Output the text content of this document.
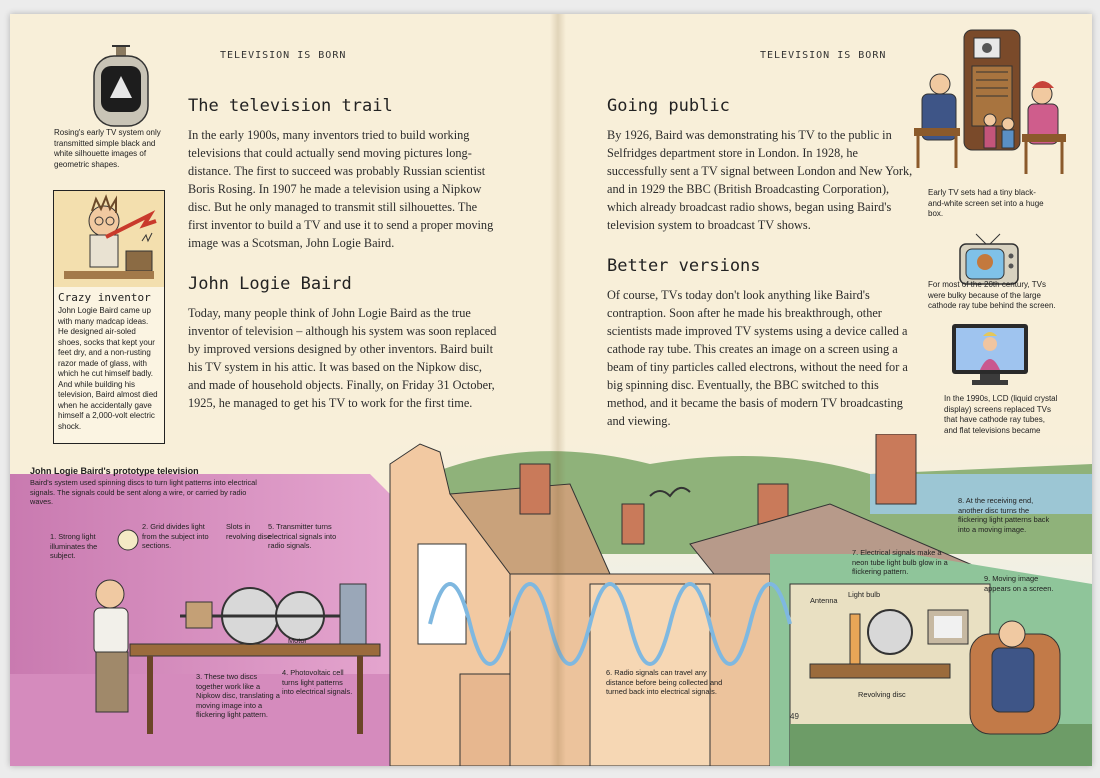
TELEVISION IS BORN
Rosing's early TV system only transmitted simple black and white silhouette images of geometric shapes.
Crazy inventor
John Logie Baird came up with many madcap ideas. He designed air-soled shoes, socks that kept your feet dry, and a non-rusting razor made of glass, with which he cut himself badly. And while building his television, Baird almost died when he accidentally gave himself a 2,000-volt electric shock.
The television trail
In the early 1900s, many inventors tried to build working televisions that could actually send moving pictures long-distance. The first to succeed was probably Russian scientist Boris Rosing. In 1907 he made a television using a Nipkow disc. But he only managed to transmit still silhouettes. The first inventor to build a TV and use it to send a proper moving image was a Scotsman, John Logie Baird.
John Logie Baird
Today, many people think of John Logie Baird as the true inventor of television – although his system was soon replaced by improved versions designed by other inventors. Baird built his TV system in his attic. It was based on the Nipkow disc, and made of household objects. Finally, on Friday 31 October, 1925, he managed to get his TV to work for the first time.
TELEVISION IS BORN
Going public
By 1926, Baird was demonstrating his TV to the public in Selfridges department store in London. In 1928, he successfully sent a TV signal between London and New York, and in 1929 the BBC (British Broadcasting Corporation), which already broadcast radio shows, began using Baird's television system to broadcast TV shows.
Better versions
Of course, TVs today don't look anything like Baird's contraption. Soon after he made his breakthrough, other scientists made improved TV systems using a device called a cathode ray tube. This creates an image on a screen using a beam of tiny particles called electrons, without the need for a big spinning disc. Eventually, the BBC switched to this method, and it became the basis of modern TV broadcasting and viewing.
Early TV sets had a tiny black-and-white screen set into a huge box.
For most of the 20th century, TVs were bulky because of the large cathode ray tube behind the screen.
In the 1990s, LCD (liquid crystal display) screens replaced TVs that have cathode ray tubes, and flat televisions became
John Logie Baird's prototype television
Baird's system used spinning discs to turn light patterns into electrical signals. The signals could be sent along a wire, or carried by radio waves.
1. Strong light illuminates the subject.
2. Grid divides light from the subject into sections.
Slots in revolving disc
5. Transmitter turns electrical signals into radio signals.
Motor
3. These two discs together work like a Nipkow disc, translating a moving image into a flickering light pattern.
4. Photovoltaic cell turns light patterns into electrical signals.
6. Radio signals can travel any distance before being collected and turned back into electrical signals.
Antenna
Light bulb
7. Electrical signals make a neon tube light bulb glow in a flickering pattern.
8. At the receiving end, another disc turns the flickering light patterns back into a moving image.
9. Moving image appears on a screen.
Revolving disc
49
